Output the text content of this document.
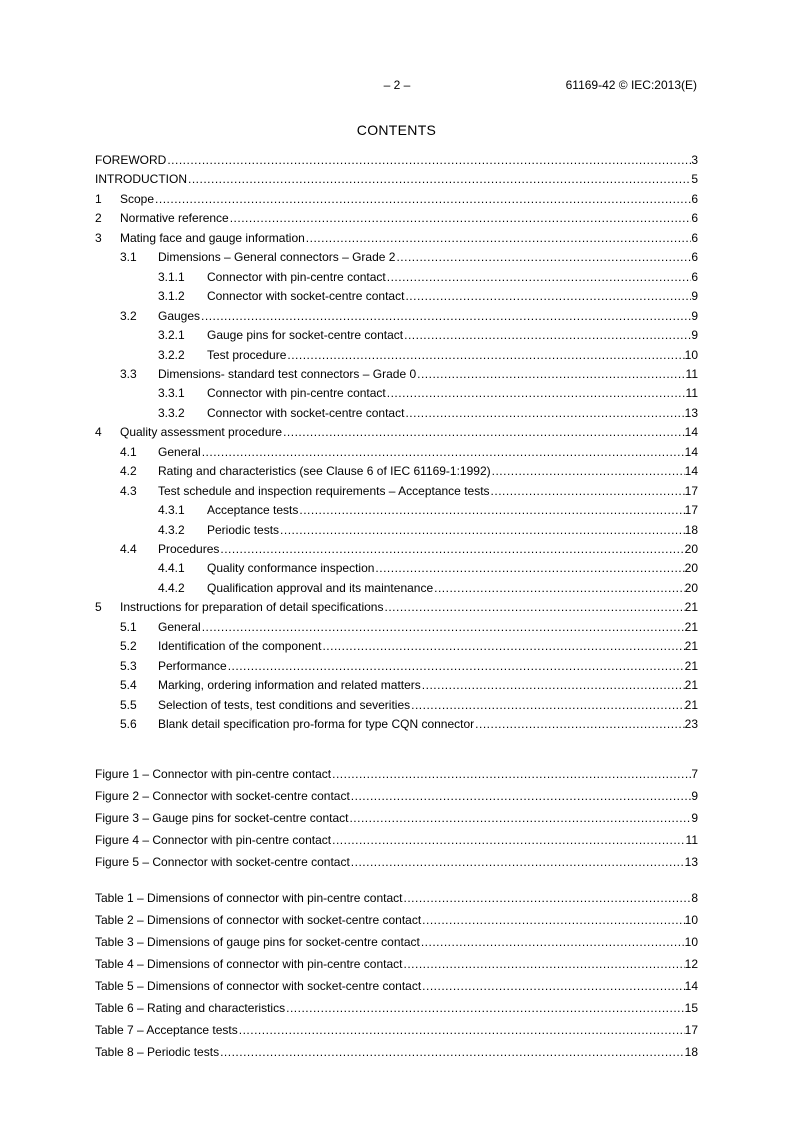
– 2 –	61169-42 © IEC:2013(E)
CONTENTS
FOREWORD .....	3
INTRODUCTION .....	5
1	Scope .....	6
2	Normative reference .....	6
3	Mating face and gauge information .....	6
3.1	Dimensions – General connectors – Grade 2 .....	6
3.1.1	Connector with pin-centre contact .....	6
3.1.2	Connector with socket-centre contact .....	9
3.2	Gauges .....	9
3.2.1	Gauge pins for socket-centre contact .....	9
3.2.2	Test procedure .....	10
3.3	Dimensions- standard test connectors – Grade 0 .....	11
3.3.1	Connector with pin-centre contact .....	11
3.3.2	Connector with socket-centre contact .....	13
4	Quality assessment procedure .....	14
4.1	General .....	14
4.2	Rating and characteristics (see Clause 6 of IEC 61169-1:1992) .....	14
4.3	Test schedule and inspection requirements – Acceptance tests .....	17
4.3.1	Acceptance tests .....	17
4.3.2	Periodic tests .....	18
4.4	Procedures .....	20
4.4.1	Quality conformance inspection .....	20
4.4.2	Qualification approval and its maintenance .....	20
5	Instructions for preparation of detail specifications .....	21
5.1	General .....	21
5.2	Identification of the component .....	21
5.3	Performance .....	21
5.4	Marking, ordering information and related matters .....	21
5.5	Selection of tests, test conditions and severities .....	21
5.6	Blank detail specification pro-forma for type CQN connector .....	23
Figure 1 – Connector with pin-centre contact .....	7
Figure 2 – Connector with socket-centre contact .....	9
Figure 3 – Gauge pins for socket-centre contact .....	9
Figure 4 – Connector with pin-centre contact .....	11
Figure 5 – Connector with socket-centre contact .....	13
Table 1 – Dimensions of connector with pin-centre contact .....	8
Table 2 – Dimensions of connector with socket-centre contact .....	10
Table 3 – Dimensions of gauge pins for socket-centre contact .....	10
Table 4 – Dimensions of connector with pin-centre contact .....	12
Table 5 – Dimensions of connector with socket-centre contact .....	14
Table 6 – Rating and characteristics .....	15
Table 7 – Acceptance tests .....	17
Table 8 – Periodic tests .....	18
